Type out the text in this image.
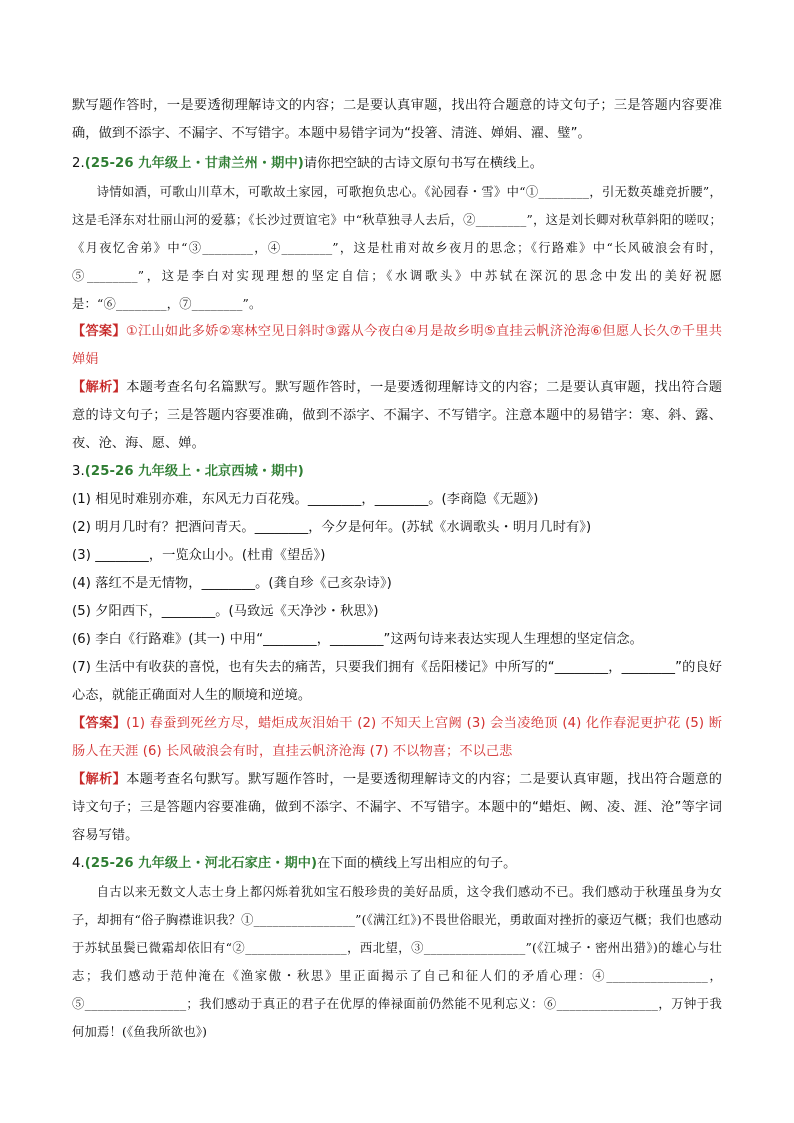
默写题作答时，一是要透彻理解诗文的内容；二是要认真审题，找出符合题意的诗文句子；三是答题内容要准确，做到不添字、不漏字、不写错字。本题中易错字词为“投箸、清涟、婵娟、濯、璧”。

2.(25-26 九年级上・甘肃兰州・期中)请你把空缺的古诗文原句书写在横线上。

诗情如酒，可歌山川草木，可歌故土家园，可歌抱负忠心。《沁园春・雪》中“①________，引无数英雄竞折腰”，这是毛泽东对壮丽山河的爱慕；《长沙过贾谊宅》中“秋草独寻人去后，②________”，这是刘长卿对秋草斜阳的嗟叹；《月夜忆舍弟》中“③________，④________”，这是杜甫对故乡夜月的思念；《行路难》中“长风破浪会有时，⑤________”，这是李白对实现理想的坚定自信；《水调歌头》中苏轼在深沉的思念中发出的美好祝愿是：“⑥________，⑦________”。

【答案】①江山如此多娇②寒林空见日斜时③露从今夜白④月是故乡明⑤直挂云帆济沧海⑥但愿人长久⑦千里共婵娟

【解析】本题考查名句名篇默写。默写题作答时，一是要透彻理解诗文的内容；二是要认真审题，找出符合题意的诗文句子；三是答题内容要准确，做到不添字、不漏字、不写错字。注意本题中的易错字：寒、斜、露、夜、沧、海、愿、婵。

3.(25-26 九年级上・北京西城・期中)

(1) 相见时难别亦难，东风无力百花残。________，________。(李商隐《无题》)

(2) 明月几时有？把酒问青天。________，今夕是何年。(苏轼《水调歌头・明月几时有》)

(3) ________，一览众山小。(杜甫《望岳》)

(4) 落红不是无情物，________。(龚自珍《己亥杂诗》)

(5) 夕阳西下，________。(马致远《天净沙・秋思》)

(6) 李白《行路难》(其一) 中用“________，________”这两句诗来表达实现人生理想的坚定信念。

(7) 生活中有收获的喜悦，也有失去的痛苦，只要我们拥有《岳阳楼记》中所写的“________，________”的良好心态，就能正确面对人生的顺境和逆境。

【答案】(1) 春蚕到死丝方尽，蜡炬成灰泪始干 (2) 不知天上宫阙 (3) 会当凌绝顶 (4) 化作春泥更护花 (5) 断肠人在天涯 (6) 长风破浪会有时，直挂云帆济沧海 (7) 不以物喜；不以己悲

【解析】本题考查名句默写。默写题作答时，一是要透彻理解诗文的内容；二是要认真审题，找出符合题意的诗文句子；三是答题内容要准确，做到不添字、不漏字、不写错字。本题中的“蜡炬、阙、凌、涯、沧”等字词容易写错。

4.(25-26 九年级上・河北石家庄・期中)在下面的横线上写出相应的句子。

自古以来无数文人志士身上都闪烁着犹如宝石般珍贵的美好品质，这令我们感动不已。我们感动于秋瑾虽身为女子，却拥有“俗子胸襟谁识我？①________________”(《满江红》)不畏世俗眼光，勇敢面对挫折的豪迈气概；我们也感动于苏轼虽鬓已微霜却依旧有“②________________，西北望，③________________”(《江城子・密州出猎》)的雄心与壮志；我们感动于范仲淹在《渔家傲・秋思》里正面揭示了自己和征人们的矛盾心理：④________________，⑤________________；我们感动于真正的君子在优厚的俸禄面前仍然能不见利忘义：⑥________________，万钟于我何加焉！(《鱼我所欲也》)
